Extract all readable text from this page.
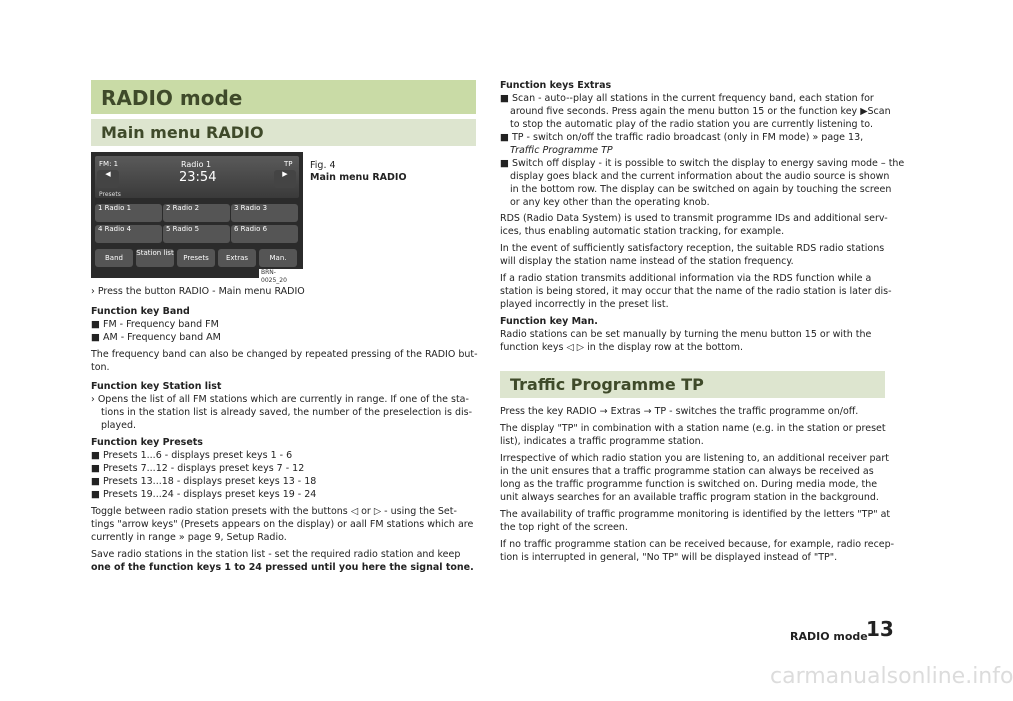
RADIO mode
Main menu RADIO
FM: 1	Radio 1	TP
23:54
Presets
◀	▶
1 Radio 1	2 Radio 2	3 Radio 3
4 Radio 4	5 Radio 5	6 Radio 6
Band
Station list
Presets	Extras	Man.
BRN-0025_20
Fig. 4
Main menu RADIO

› Press the button RADIO - Main menu RADIO

Function key Band

■ FM - Frequency band FM

■ AM - Frequency band AM

The frequency band can also be changed by repeated pressing of the RADIO but-

ton.

Function key Station list

› Opens the list of all FM stations which are currently in range. If one of the sta-

tions in the station list is already saved, the number of the preselection is dis-

played.

Function key Presets

■ Presets 1...6 - displays preset keys 1 - 6

■ Presets 7...12 - displays preset keys 7 - 12

■ Presets 13...18 - displays preset keys 13 - 18

■ Presets 19...24 - displays preset keys 19 - 24

Toggle between radio station presets with the buttons ◁ or ▷ - using the Set-

tings "arrow keys" (Presets appears on the display) or aall FM stations which are

currently in range » page 9, Setup Radio.

Save radio stations in the station list - set the required radio station and keep

one of the function keys 1 to 24 pressed until you here the signal tone.

Function keys Extras

■ Scan - auto--play all stations in the current frequency band, each station for

around five seconds. Press again the menu button 15 or the function key ▶Scan

to stop the automatic play of the radio station you are currently listening to.

■ TP - switch on/off the traffic radio broadcast (only in FM mode) » page 13,

Traffic Programme TP

■ Switch off display - it is possible to switch the display to energy saving mode – the

display goes black and the current information about the audio source is shown

in the bottom row. The display can be switched on again by touching the screen

or any key other than the operating knob.

RDS (Radio Data System) is used to transmit programme IDs and additional serv-

ices, thus enabling automatic station tracking, for example.

In the event of sufficiently satisfactory reception, the suitable RDS radio stations

will display the station name instead of the station frequency.

If a radio station transmits additional information via the RDS function while a

station is being stored, it may occur that the name of the radio station is later dis-

played incorrectly in the preset list.

Function key Man.

Radio stations can be set manually by turning the menu button 15 or with the

function keys ◁ ▷ in the display row at the bottom.

Traffic Programme TP

Press the key RADIO → Extras → TP - switches the traffic programme on/off.

The display "TP" in combination with a station name (e.g. in the station or preset

list), indicates a traffic programme station.

Irrespective of which radio station you are listening to, an additional receiver part

in the unit ensures that a traffic programme station can always be received as

long as the traffic programme function is switched on. During media mode, the

unit always searches for an available traffic program station in the background.

The availability of traffic programme monitoring is identified by the letters "TP" at

the top right of the screen.

If no traffic programme station can be received because, for example, radio recep-

tion is interrupted in general, "No TP" will be displayed instead of "TP".

RADIO mode
13
carmanualsonline.info
